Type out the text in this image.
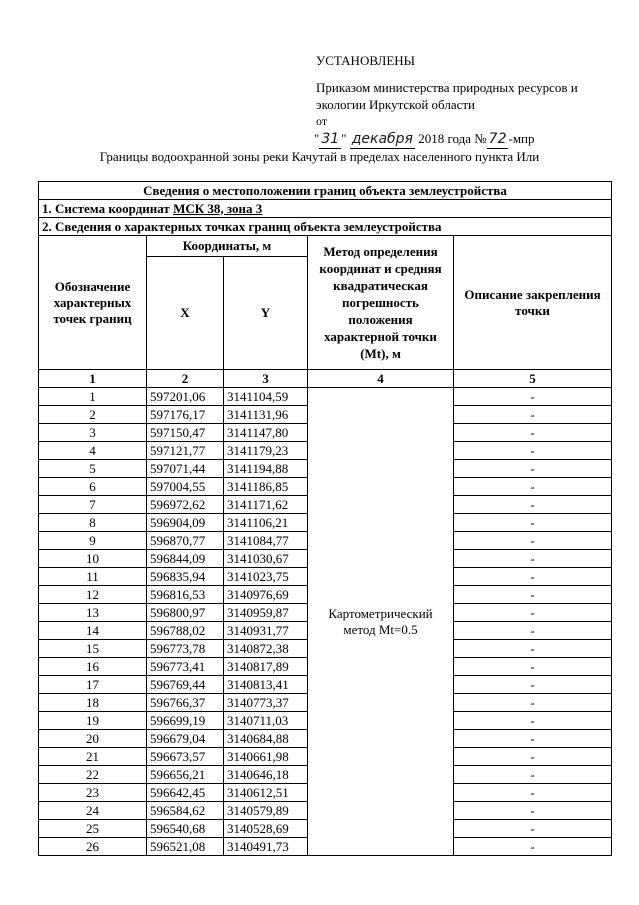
УСТАНОВЛЕНЫ
Приказом министерства природных ресурсов и
экологии Иркутской области
от
" 31 " декабря 2018 года № 72 -мпр
Границы водоохранной зоны реки Качутай в пределах населенного пункта Или
Сведения о местоположении границ объекта землеустройства				
1. Система координат МСК 38, зона 3				
2. Сведения о характерных точках границ объекта землеустройства				
Обозначение характерных точек границ	Координаты, м		Метод определения координат и средняя квадратическая погрешность положения характерной точки (Mt), м	Описание закрепления точки
	X	Y		
1	2	3	4	5
1	597201,06	3141104,59	Картометрический метод Mt=0.5	-
2	597176,17	3141131,96		-
3	597150,47	3141147,80		-
4	597121,77	3141179,23		-
5	597071,44	3141194,88		-
6	597004,55	3141186,85		-
7	596972,62	3141171,62		-
8	596904,09	3141106,21		-
9	596870,77	3141084,77		-
10	596844,09	3141030,67		-
11	596835,94	3141023,75		-
12	596816,53	3140976,69		-
13	596800,97	3140959,87		-
14	596788,02	3140931,77		-
15	596773,78	3140872,38		-
16	596773,41	3140817,89		-
17	596769,44	3140813,41		-
18	596766,37	3140773,37		-
19	596699,19	3140711,03		-
20	596679,04	3140684,88		-
21	596673,57	3140661,98		-
22	596656,21	3140646,18		-
23	596642,45	3140612,51		-
24	596584,62	3140579,89		-
25	596540,68	3140528,69		-
26	596521,08	3140491,73		-
